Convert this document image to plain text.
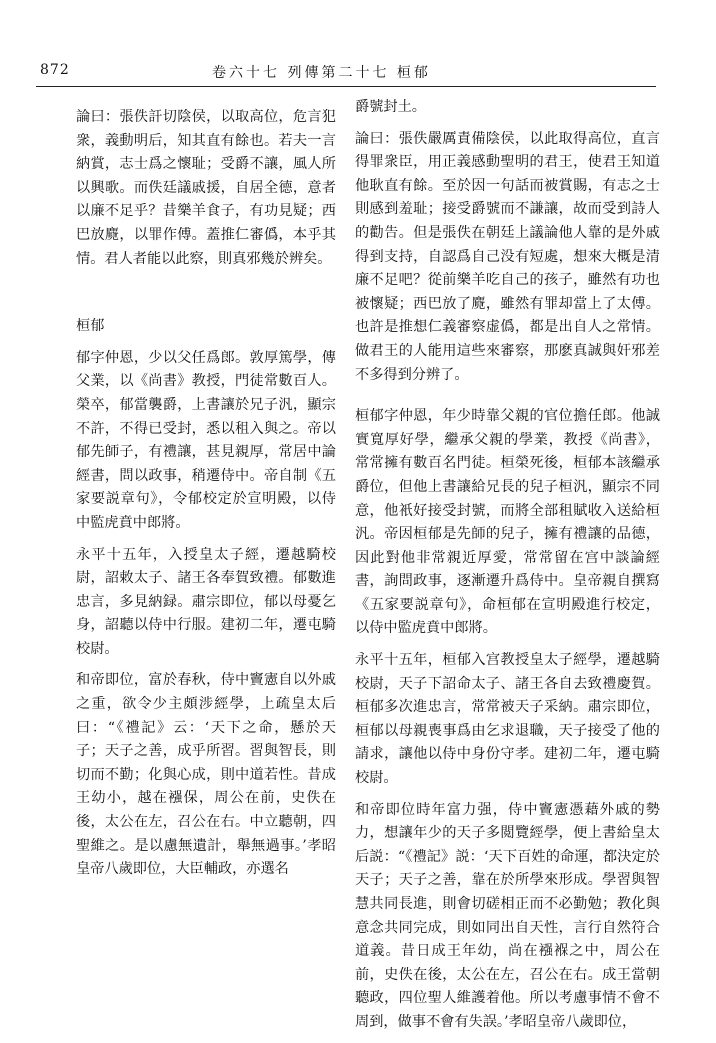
872	卷六十七 列傳第二十七 桓郁

論曰：張佚訐切陰侯，以取高位，危言犯衆，義動明后，知其直有餘也。若夫一言納賞，志士爲之懷耻；受爵不讓，風人所以興歌。而佚廷議戚援，自居全德，意者以廉不足乎？昔樂羊食子，有功見疑；西巴放麑，以罪作傅。蓋推仁審僞，本乎其情。君人者能以此察，則真邪幾於辨矣。

桓郁

郁字仲恩，少以父任爲郎。敦厚篤學，傳父業，以《尚書》教授，門徒常數百人。榮卒，郁當襲爵，上書讓於兄子汎，顯宗不許，不得已受封，悉以租入與之。帝以郁先師子，有禮讓，甚見親厚，常居中論經書，問以政事，稍遷侍中。帝自制《五家要説章句》，令郁校定於宣明殿，以侍中監虎賁中郎將。

永平十五年，入授皇太子經，遷越騎校尉，詔敕太子、諸王各奉賀致禮。郁數進忠言，多見納録。肅宗即位，郁以母憂乞身，詔聽以侍中行服。建初二年，遷屯騎校尉。

和帝即位，富於春秋，侍中竇憲自以外戚之重，欲令少主頗涉經學，上疏皇太后曰：“《禮記》云：‘天下之命，懸於天子；天子之善，成乎所習。習與智長，則切而不勤；化與心成，則中道若性。昔成王幼小，越在襁保，周公在前，史佚在後，太公在左，召公在右。中立聽朝，四聖維之。是以慮無遺計，舉無過事。’孝昭皇帝八歲即位，大臣輔政，亦選名

爵號封土。

論曰：張佚嚴厲責備陰侯，以此取得高位，直言得罪衆臣，用正義感動聖明的君王，使君王知道他耿直有餘。至於因一句話而被賞賜，有志之士則感到羞耻；接受爵號而不謙讓，故而受到詩人的勸告。但是張佚在朝廷上議論他人靠的是外戚得到支持，自認爲自己没有短處，想來大概是清廉不足吧？從前樂羊吃自己的孩子，雖然有功也被懷疑；西巴放了麑，雖然有罪却當上了太傅。也許是推想仁義審察虚僞，都是出自人之常情。做君王的人能用這些來審察，那麽真誠與奸邪差不多得到分辨了。

桓郁字仲恩，年少時靠父親的官位擔任郎。他誠實寬厚好學，繼承父親的學業，教授《尚書》，常常擁有數百名門徒。桓榮死後，桓郁本該繼承爵位，但他上書讓給兄長的兒子桓汎，顯宗不同意，他衹好接受封號，而將全部租賦收入送給桓汎。帝因桓郁是先師的兒子，擁有禮讓的品德，因此對他非常親近厚愛，常常留在宫中談論經書，詢問政事，逐漸遷升爲侍中。皇帝親自撰寫《五家要説章句》，命桓郁在宣明殿進行校定，以侍中監虎賁中郎將。

永平十五年，桓郁入宫教授皇太子經學，遷越騎校尉，天子下詔命太子、諸王各自去致禮慶賀。桓郁多次進忠言，常常被天子采納。肅宗即位，桓郁以母親喪事爲由乞求退職，天子接受了他的請求，讓他以侍中身份守孝。建初二年，遷屯騎校尉。

和帝即位時年富力强，侍中竇憲憑藉外戚的勢力，想讓年少的天子多閲覽經學，便上書給皇太后説：“《禮記》説：‘天下百姓的命運，都決定於天子；天子之善，靠在於所學來形成。學習與智慧共同長進，則會切磋相正而不必勤勉；教化與意念共同完成，則如同出自天性，言行自然符合道義。昔日成王年幼，尚在襁褓之中，周公在前，史佚在後，太公在左，召公在右。成王當朝聽政，四位聖人維護着他。所以考慮事情不會不周到，做事不會有失誤。’孝昭皇帝八歲即位，
